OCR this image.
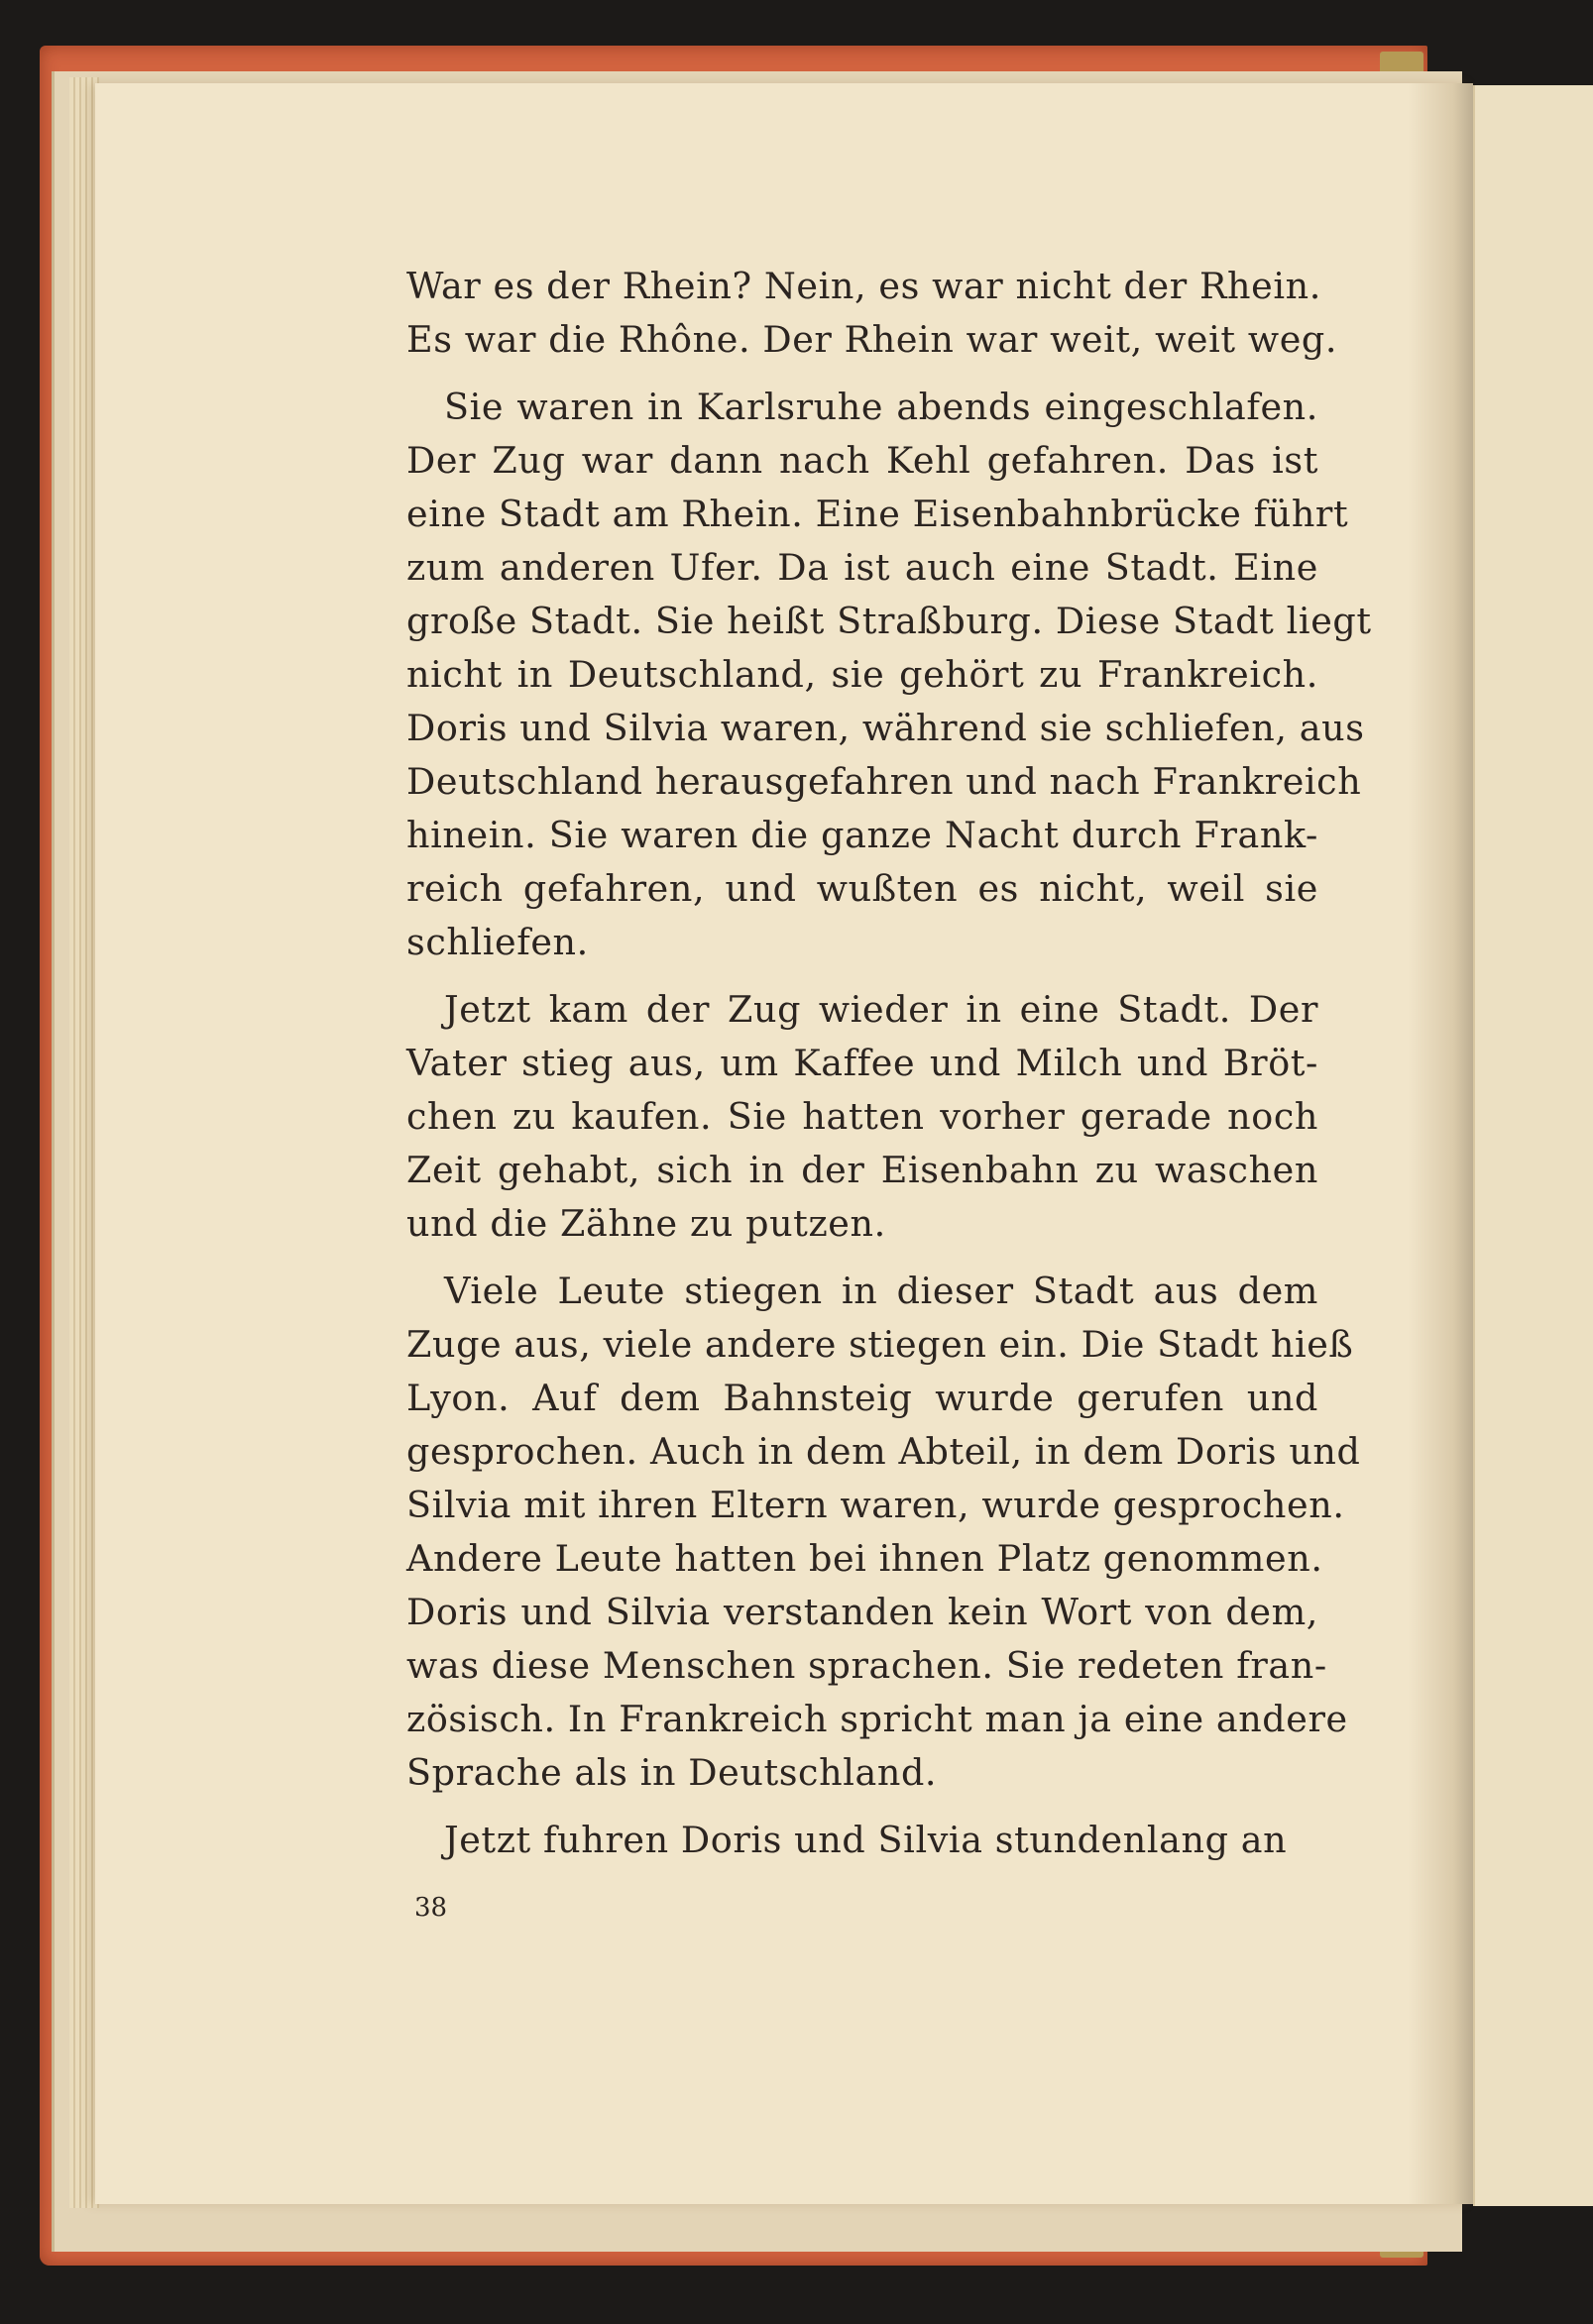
War es der Rhein? Nein, es war nicht der Rhein.
Es war die Rhône. Der Rhein war weit, weit weg.
Sie waren in Karlsruhe abends eingeschlafen.
Der Zug war dann nach Kehl gefahren. Das ist
eine Stadt am Rhein. Eine Eisenbahnbrücke führt
zum anderen Ufer. Da ist auch eine Stadt. Eine
große Stadt. Sie heißt Straßburg. Diese Stadt liegt
nicht in Deutschland, sie gehört zu Frankreich.
Doris und Silvia waren, während sie schliefen, aus
Deutschland herausgefahren und nach Frankreich
hinein. Sie waren die ganze Nacht durch Frank-
reich gefahren, und wußten es nicht, weil sie
schliefen.
Jetzt kam der Zug wieder in eine Stadt. Der
Vater stieg aus, um Kaffee und Milch und Bröt-
chen zu kaufen. Sie hatten vorher gerade noch
Zeit gehabt, sich in der Eisenbahn zu waschen
und die Zähne zu putzen.
Viele Leute stiegen in dieser Stadt aus dem
Zuge aus, viele andere stiegen ein. Die Stadt hieß
Lyon. Auf dem Bahnsteig wurde gerufen und
gesprochen. Auch in dem Abteil, in dem Doris und
Silvia mit ihren Eltern waren, wurde gesprochen.
Andere Leute hatten bei ihnen Platz genommen.
Doris und Silvia verstanden kein Wort von dem,
was diese Menschen sprachen. Sie redeten fran-
zösisch. In Frankreich spricht man ja eine andere
Sprache als in Deutschland.
Jetzt fuhren Doris und Silvia stundenlang an
38
